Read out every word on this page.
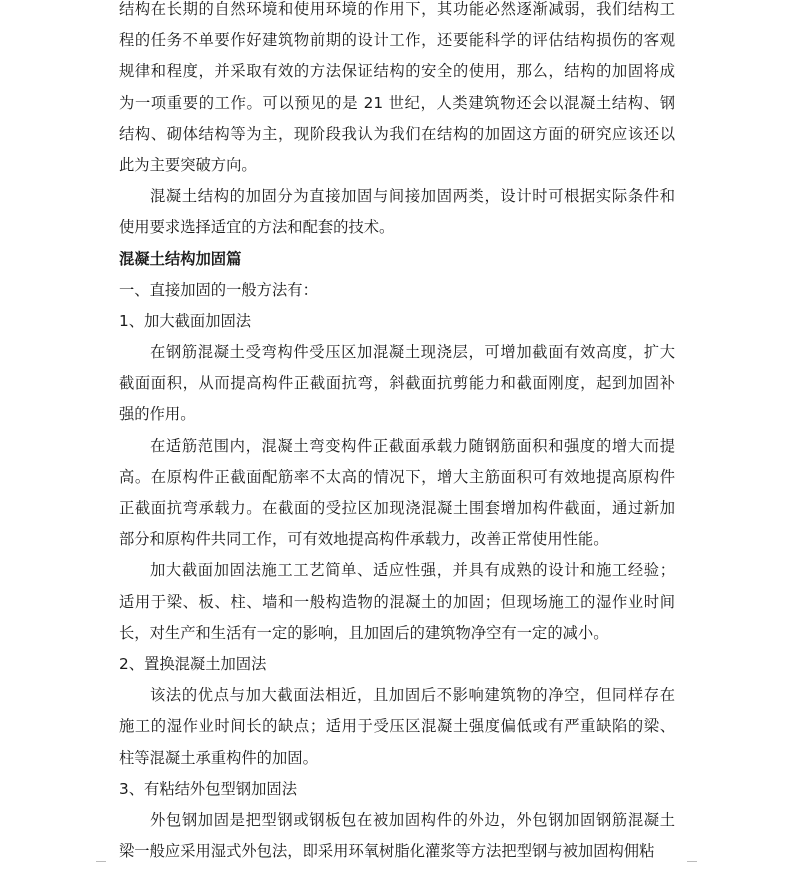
结构在长期的自然环境和使用环境的作用下，其功能必然逐渐减弱，我们结构工
程的任务不单要作好建筑物前期的设计工作，还要能科学的评估结构损伤的客观
规律和程度，并采取有效的方法保证结构的安全的使用，那么，结构的加固将成
为一项重要的工作。可以预见的是 21 世纪，人类建筑物还会以混凝土结构、钢
结构、砌体结构等为主，现阶段我认为我们在结构的加固这方面的研究应该还以
此为主要突破方向。
混凝土结构的加固分为直接加固与间接加固两类，设计时可根据实际条件和
使用要求选择适宜的方法和配套的技术。
混凝土结构加固篇
一、直接加固的一般方法有：
1、加大截面加固法
在钢筋混凝土受弯构件受压区加混凝土现浇层，可增加截面有效高度，扩大
截面面积，从而提高构件正截面抗弯，斜截面抗剪能力和截面刚度，起到加固补
强的作用。
在适筋范围内，混凝土弯变构件正截面承载力随钢筋面积和强度的增大而提
高。在原构件正截面配筋率不太高的情况下，增大主筋面积可有效地提高原构件
正截面抗弯承载力。在截面的受拉区加现浇混凝土围套增加构件截面，通过新加
部分和原构件共同工作，可有效地提高构件承载力，改善正常使用性能。
加大截面加固法施工工艺简单、适应性强，并具有成熟的设计和施工经验；
适用于梁、板、柱、墙和一般构造物的混凝土的加固；但现场施工的湿作业时间
长，对生产和生活有一定的影响，且加固后的建筑物净空有一定的减小。
2、置换混凝土加固法
该法的优点与加大截面法相近，且加固后不影响建筑物的净空，但同样存在
施工的湿作业时间长的缺点；适用于受压区混凝土强度偏低或有严重缺陷的梁、
柱等混凝土承重构件的加固。
3、有粘结外包型钢加固法
外包钢加固是把型钢或钢板包在被加固构件的外边，外包钢加固钢筋混凝土
梁一般应采用湿式外包法，即采用环氧树脂化灌浆等方法把型钢与被加固构佣粘
